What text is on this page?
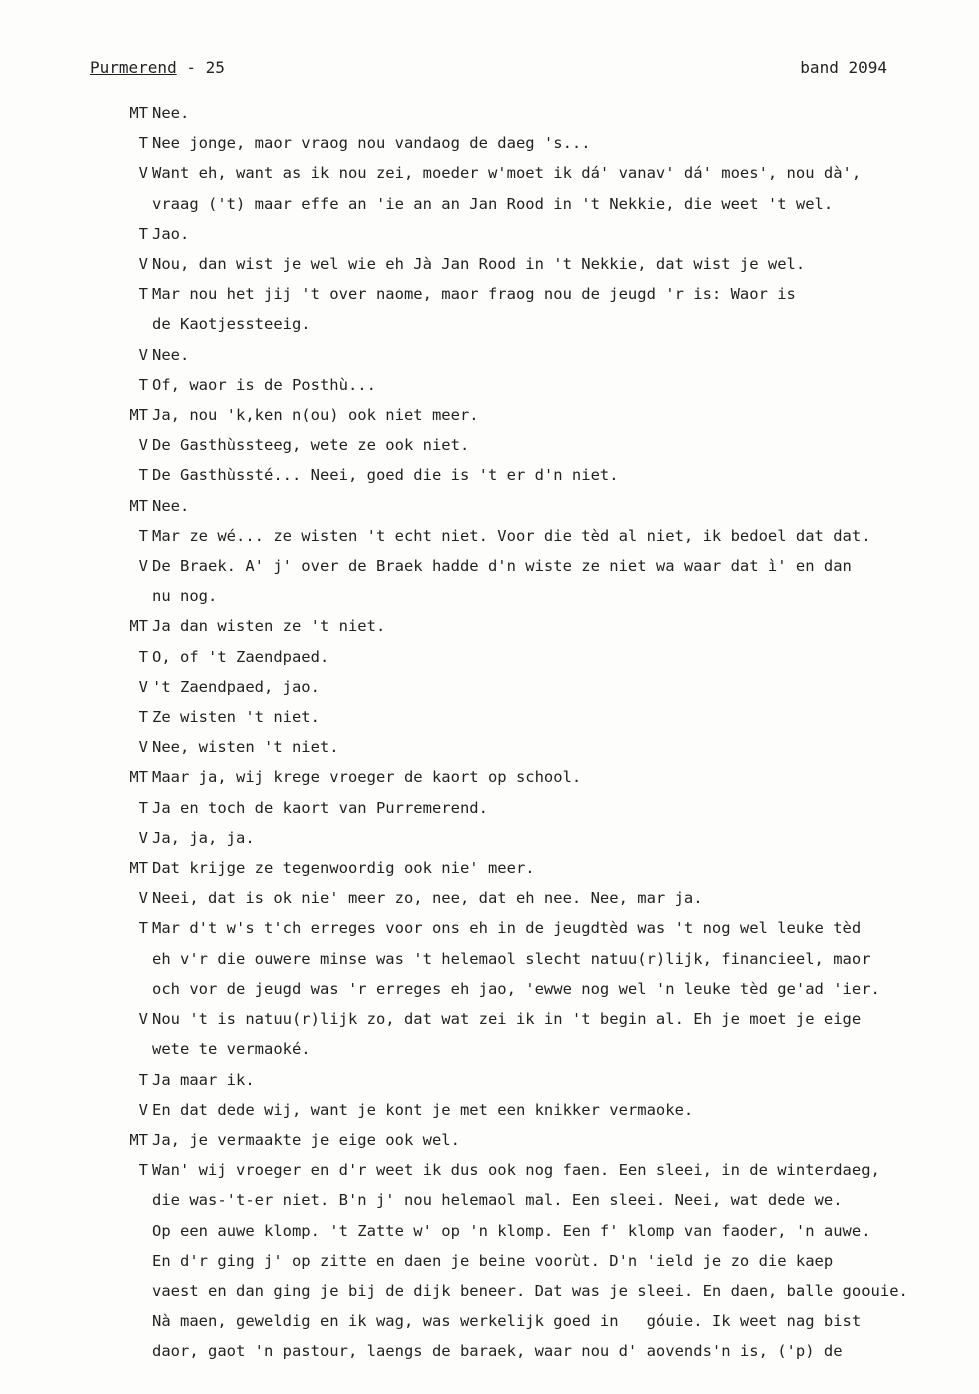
Purmerend - 25	band 2094
MT Nee.
T Nee jonge, maor vraog nou vandaog de daeg 's...
V Want eh, want as ik nou zei, moeder w'moet ik dá' vanav' dá' moes', nou dà',
vraag ('t) maar effe an 'ie an an Jan Rood in 't Nekkie, die weet 't wel.
T Jao.
V Nou, dan wist je wel wie eh Jà Jan Rood in 't Nekkie, dat wist je wel.
T Mar nou het jij 't over naome, maor fraog nou de jeugd 'r is: Waor is
de Kaotjessteeig.
V Nee.
T Of, waor is de Posthù...
MT Ja, nou 'k,ken n(ou) ook niet meer.
V De Gasthùssteeg, wete ze ook niet.
T De Gasthùssté... Neei, goed die is 't er d'n niet.
MT Nee.
T Mar ze wé... ze wisten 't echt niet. Voor die tèd al niet, ik bedoel dat dat.
V De Braek. A' j' over de Braek hadde d'n wiste ze niet wa waar dat ì' en dan
nu nog.
MT Ja dan wisten ze 't niet.
T O, of 't Zaendpaed.
V 't Zaendpaed, jao.
T Ze wisten 't niet.
V Nee, wisten 't niet.
MT Maar ja, wij krege vroeger de kaort op school.
T Ja en toch de kaort van Purremerend.
V Ja, ja, ja.
MT Dat krijge ze tegenwoordig ook nie' meer.
V Neei, dat is ok nie' meer zo, nee, dat eh nee. Nee, mar ja.
T Mar d't w's t'ch erreges voor ons eh in de jeugdtèd was 't nog wel leuke tèd
eh v'r die ouwere minse was 't helemaol slecht natuu(r)lijk, financieel, maor
och vor de jeugd was 'r erreges eh jao, 'ewwe nog wel 'n leuke tèd ge'ad 'ier.
V Nou 't is natuu(r)lijk zo, dat wat zei ik in 't begin al. Eh je moet je eige
wete te vermaoké.
T Ja maar ik.
V En dat dede wij, want je kont je met een knikker vermaoke.
MT Ja, je vermaakte je eige ook wel.
T Wan' wij vroeger en d'r weet ik dus ook nog faen. Een sleei, in de winterdaeg,
die was-'t-er niet. B'n j' nou helemaol mal. Een sleei. Neei, wat dede we.
Op een auwe klomp. 't Zatte w' op 'n klomp. Een f' klomp van faoder, 'n auwe.
En d'r ging j' op zitte en daen je beine voorùt. D'n 'ield je zo die kaep
vaest en dan ging je bij de dijk beneer. Dat was je sleei. En daen, balle goouie.
Nà maen, geweldig en ik wag, was werkelijk goed in   góuie. Ik weet nag bist
daor, gaot 'n pastour, laengs de baraek, waar nou d' aovends'n is, ('p) de
